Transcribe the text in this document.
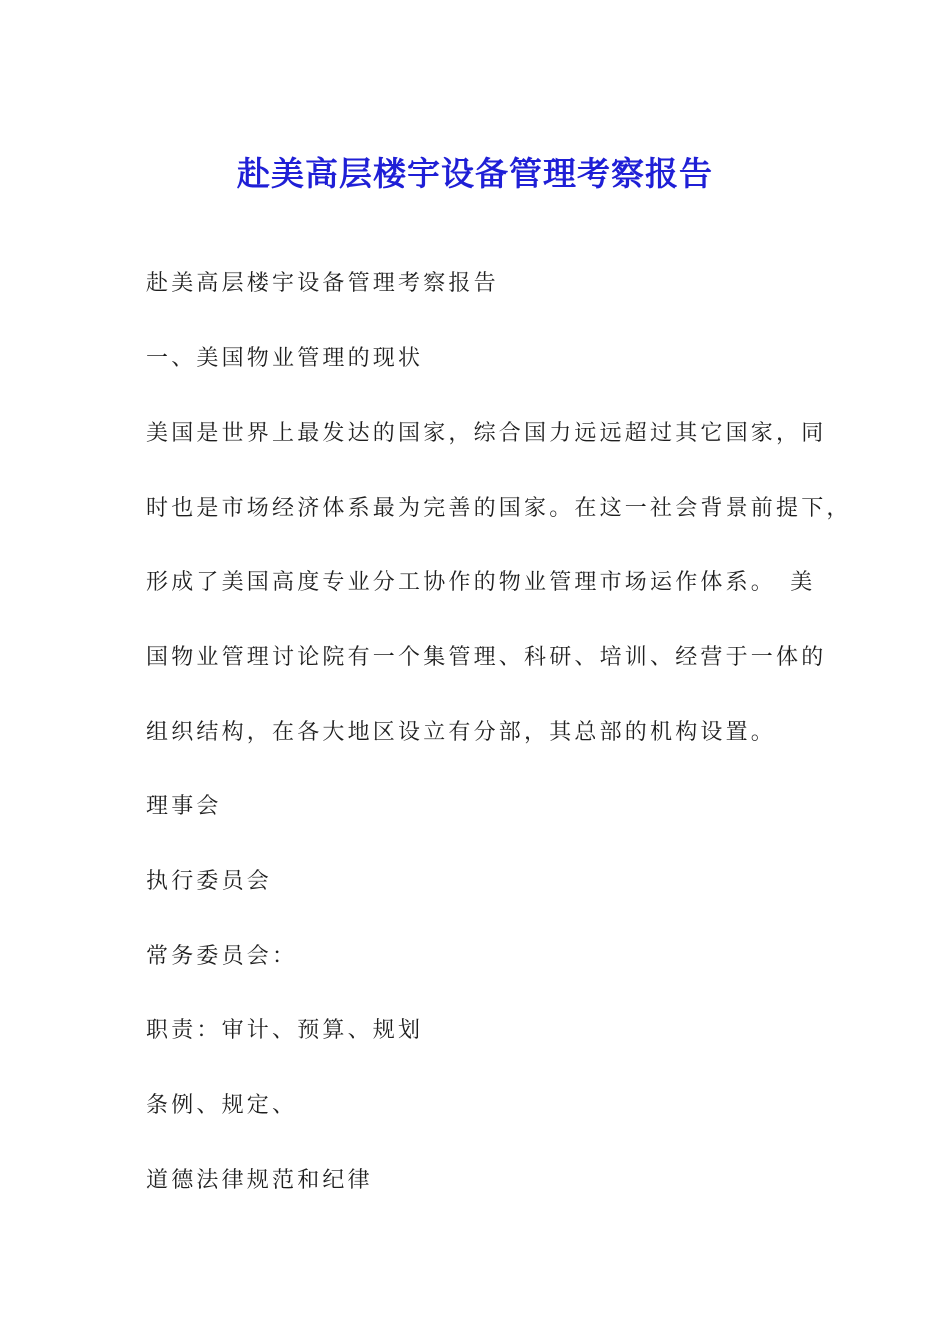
赴美高层楼宇设备管理考察报告

赴美高层楼宇设备管理考察报告

一、美国物业管理的现状

美国是世界上最发达的国家，综合国力远远超过其它国家，同

时也是市场经济体系最为完善的国家。在这一社会背景前提下，

形成了美国高度专业分工协作的物业管理市场运作体系。　美

国物业管理讨论院有一个集管理、科研、培训、经营于一体的

组织结构，在各大地区设立有分部，其总部的机构设置。

理事会

执行委员会

常务委员会：

职责：审计、预算、规划

条例、规定、

道德法律规范和纪律
